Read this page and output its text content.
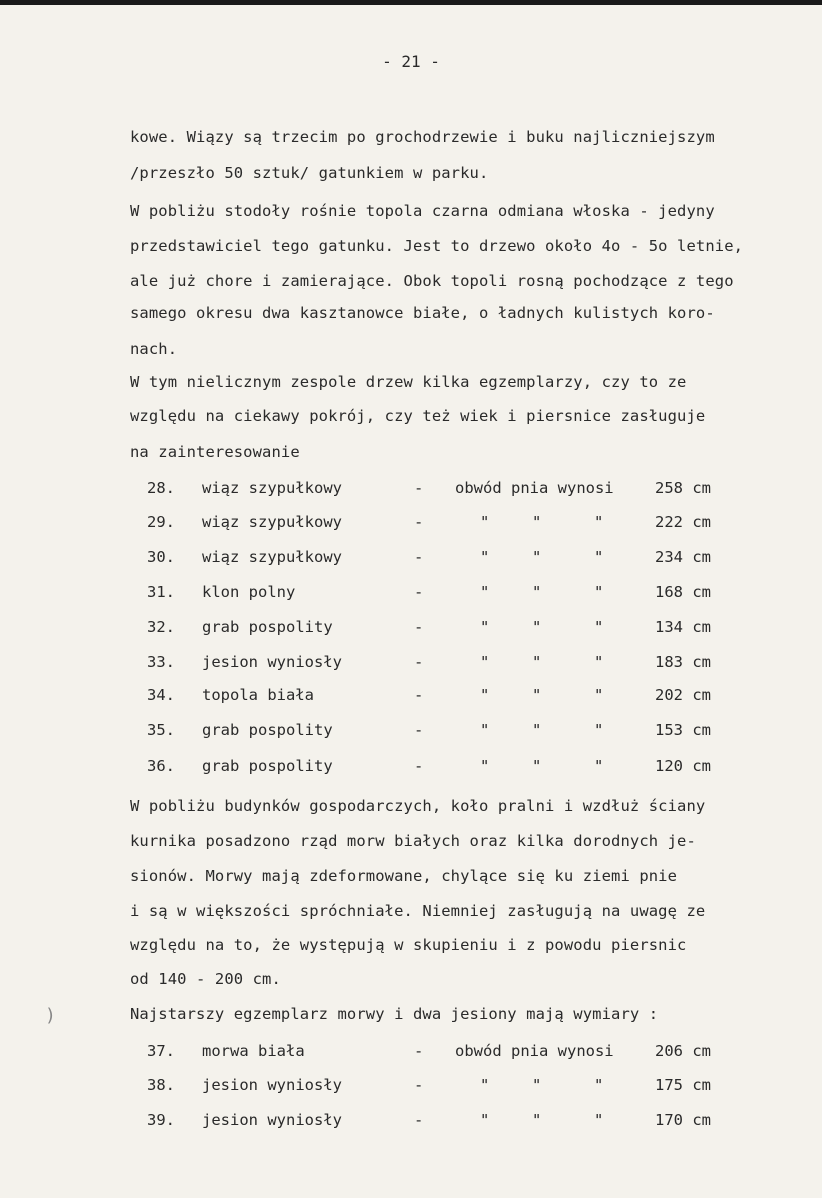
- 21 -
kowe. Wiązy są trzecim po grochodrzewie i buku najliczniejszym
/przeszło 50 sztuk/ gatunkiem w parku.
W pobliżu stodoły rośnie topola czarna odmiana włoska - jedyny
przedstawiciel tego gatunku. Jest to drzewo około 4o - 5o letnie,
ale już chore i zamierające. Obok topoli rosną pochodzące z tego
samego okresu dwa kasztanowce białe, o ładnych kulistych koro-
nach.
W tym nielicznym zespole drzew kilka egzemplarzy, czy to ze
względu na ciekawy pokrój, czy też wiek i piersnice zasługuje
na zainteresowanie
28. wiąz szypułkowy	- obwód pnia wynosi	258 cm
29. wiąz szypułkowy	-	"	"	"	222 cm
30. wiąz szypułkowy	-	"	"	"	234 cm
31. klon polny	-	"	"	"	168 cm
32. grab pospolity	-	"	"	"	134 cm
33. jesion wyniosły	-	"	"	"	183 cm
34. topola biała	-	"	"	"	202 cm
35. grab pospolity	-	"	"	"	153 cm
36. grab pospolity	-	"	"	"	120 cm
W pobliżu budynków gospodarczych, koło pralni i wzdłuż ściany
kurnika posadzono rząd morw białych oraz kilka dorodnych je-
sionów. Morwy mają zdeformowane, chylące się ku ziemi pnie
i są w większości spróchniałe. Niemniej zasługują na uwagę ze
względu na to, że występują w skupieniu i z powodu piersnic
od 140 - 200 cm.
Najstarszy egzemplarz morwy i dwa jesiony mają wymiary :
37. morwa biała	- obwód pnia wynosi	206 cm
38. jesion wyniosły	-	"	"	"	175 cm
39. jesion wyniosły	-	"	"	"	170 cm
)
